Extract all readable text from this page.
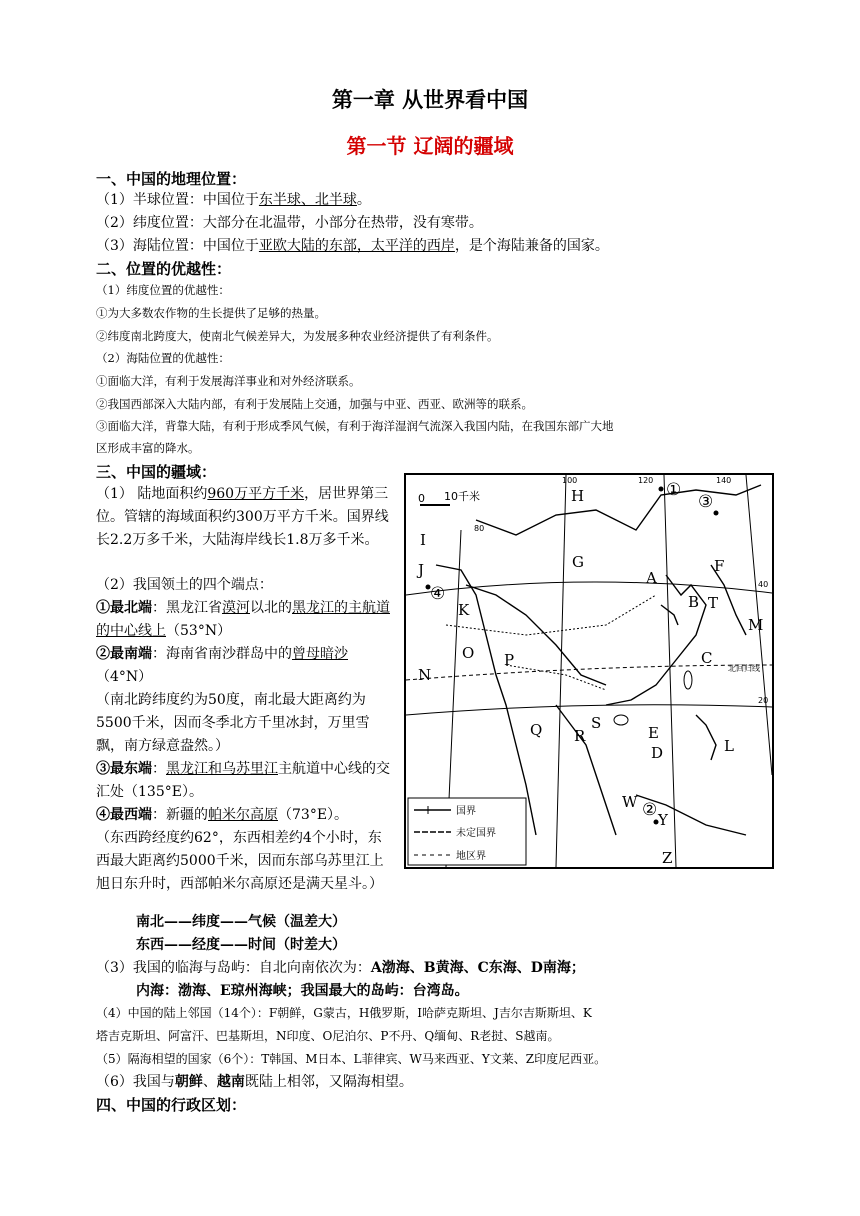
第一章 从世界看中国
第一节 辽阔的疆域
一、中国的地理位置：
（1）半球位置：中国位于东半球、北半球。
（2）纬度位置：大部分在北温带，小部分在热带，没有寒带。
（3）海陆位置：中国位于亚欧大陆的东部，太平洋的西岸，是个海陆兼备的国家。
二、位置的优越性：
（1）纬度位置的优越性：
①为大多数农作物的生长提供了足够的热量。
②纬度南北跨度大，使南北气候差异大，为发展多种农业经济提供了有利条件。
（2）海陆位置的优越性：
①面临大洋，有利于发展海洋事业和对外经济联系。
②我国西部深入大陆内部，有利于发展陆上交通，加强与中亚、西亚、欧洲等的联系。
③面临大洋，背靠大陆，有利于形成季风气候，有利于海洋湿润气流深入我国内陆，在我国东部广大地
区形成丰富的降水。
三、中国的疆域：
（1） 陆地面积约960万平方千米，居世界第三位。管辖的海域面积约300万平方千米。国界线长2.2万多千米，大陆海岸线长1.8万多千米。
（2）我国领土的四个端点：
①最北端：黑龙江省漠河以北的黑龙江的主航道的中心线上（53°N）
②最南端：海南省南沙群岛中的曾母暗沙（4°N）
（南北跨纬度约为50度，南北最大距离约为5500千米，因而冬季北方千里冰封，万里雪飘，南方绿意盎然。）
③最东端：黑龙江和乌苏里江主航道中心线的交汇处（135°E）。
④最西端：新疆的帕米尔高原（73°E）。
（东西跨经度约62°，东西相差约4个小时，东西最大距离约5000千米，因而东部乌苏里江上旭日东升时，西部帕米尔高原还是满天星斗。）
南北——纬度——气候（温差大）
东西——经度——时间（时差大）
（3）我国的临海与岛屿：自北向南依次为：A渤海、B黄海、C东海、D南海；
内海：渤海、E琼州海峡；我国最大的岛屿：台湾岛。
（4）中国的陆上邻国（14个）：F朝鲜，G蒙古，H俄罗斯，I哈萨克斯坦、J吉尔吉斯斯坦、K
塔吉克斯坦、阿富汗、巴基斯坦，N印度、O尼泊尔、P不丹、Q缅甸、R老挝、S越南。
（5）隔海相望的国家（6个）：T韩国、M日本、L菲律宾、W马来西亚、Y文莱、Z印度尼西亚。
（6）我国与朝鲜、越南既陆上相邻，又隔海相望。
四、中国的行政区划：
100	120	140
80
20
40
北回归线
0 10千米	H
I
J
K
G
A
B T
F
M
C
N
O P
Q	S
R	E
D	L
Y
W
Z
①
②
③
④
国界
未定国界
地区界
